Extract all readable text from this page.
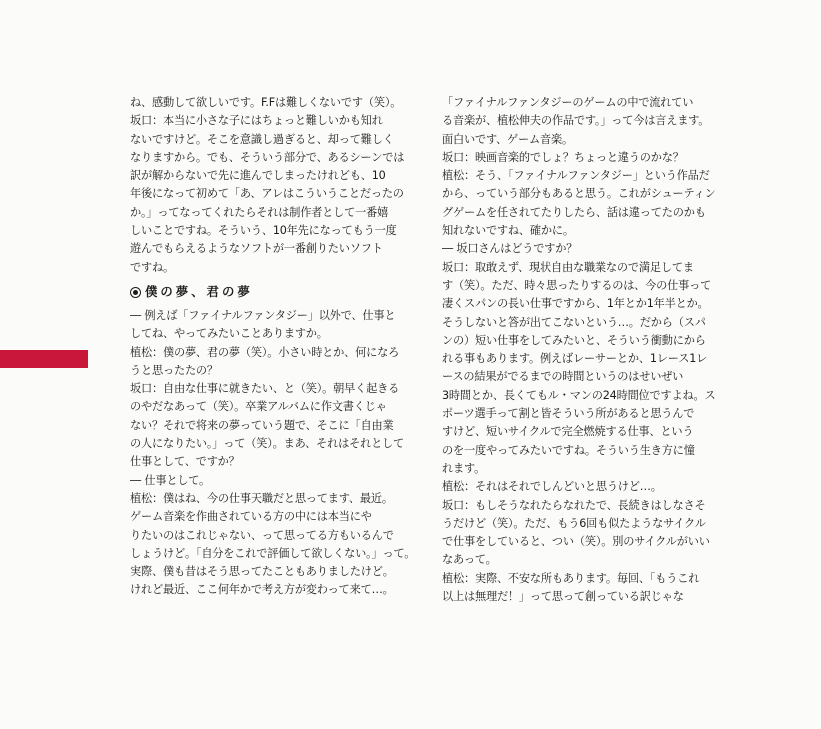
ね、感動して欲しいです。F.Fは難しくないです（笑）。
坂口：本当に小さな子にはちょっと難しいかも知れ
ないですけど。そこを意識し過ぎると、却って難しく
なりますから。でも、そういう部分で、あるシーンでは
訳が解からないで先に進んでしまったけれども、10
年後になって初めて「あ、アレはこういうことだったの
か。」ってなってくれたらそれは制作者として一番嬉
しいことですね。そういう、10年先になってもう一度
遊んでもらえるようなソフトが一番創りたいソフト
ですね。
僕の夢、君の夢
― 例えば「ファイナルファンタジー」以外で、仕事と
してね、やってみたいことありますか。
植松：僕の夢、君の夢（笑）。小さい時とか、何になろ
うと思ったたの？
坂口：自由な仕事に就きたい、と（笑）。朝早く起きる
のやだなあって（笑）。卒業アルバムに作文書くじゃ
ない？それで将来の夢っていう題で、そこに「自由業
の人になりたい。」って（笑）。まあ、それはそれとして
仕事として、ですか？
― 仕事として。
植松：僕はね、今の仕事天職だと思ってます、最近。
ゲーム音楽を作曲されている方の中には本当にや
りたいのはこれじゃない、って思ってる方もいるんで
しょうけど。「自分をこれで評価して欲しくない。」って。
実際、僕も昔はそう思ってたこともありましたけど。
けれど最近、ここ何年かで考え方が変わって来て…。
「ファイナルファンタジーのゲームの中で流れてい
る音楽が、植松伸夫の作品です。」って今は言えます。
面白いです、ゲーム音楽。
坂口：映画音楽的でしょ？ちょっと違うのかな？
植松：そう、「ファイナルファンタジー」という作品だ
から、っていう部分もあると思う。これがシューティン
グゲームを任されてたりしたら、話は違ってたのかも
知れないですね、確かに。
― 坂口さんはどうですか？
坂口：取敢えず、現状自由な職業なので満足してま
す（笑）。ただ、時々思ったりするのは、今の仕事って
凄くスパンの長い仕事ですから、1年とか1年半とか。
そうしないと答が出てこないという…。だから（スパ
ンの）短い仕事をしてみたいと、そういう衝動にから
れる事もあります。例えばレーサーとか、1レース1レ
ースの結果がでるまでの時間というのはせいぜい
3時間とか、長くてもル・マンの24時間位ですよね。ス
ポーツ選手って割と皆そういう所があると思うんで
すけど、短いサイクルで完全燃焼する仕事、という
のを一度やってみたいですね。そういう生き方に憧
れます。
植松：それはそれでしんどいと思うけど…。
坂口：もしそうなれたらなれたで、長続きはしなさそ
うだけど（笑）。ただ、もう6回も似たようなサイクル
で仕事をしていると、つい（笑）。別のサイクルがいい
なあって。
植松：実際、不安な所もあります。毎回、「もうこれ
以上は無理だ！」って思って創っている訳じゃな
